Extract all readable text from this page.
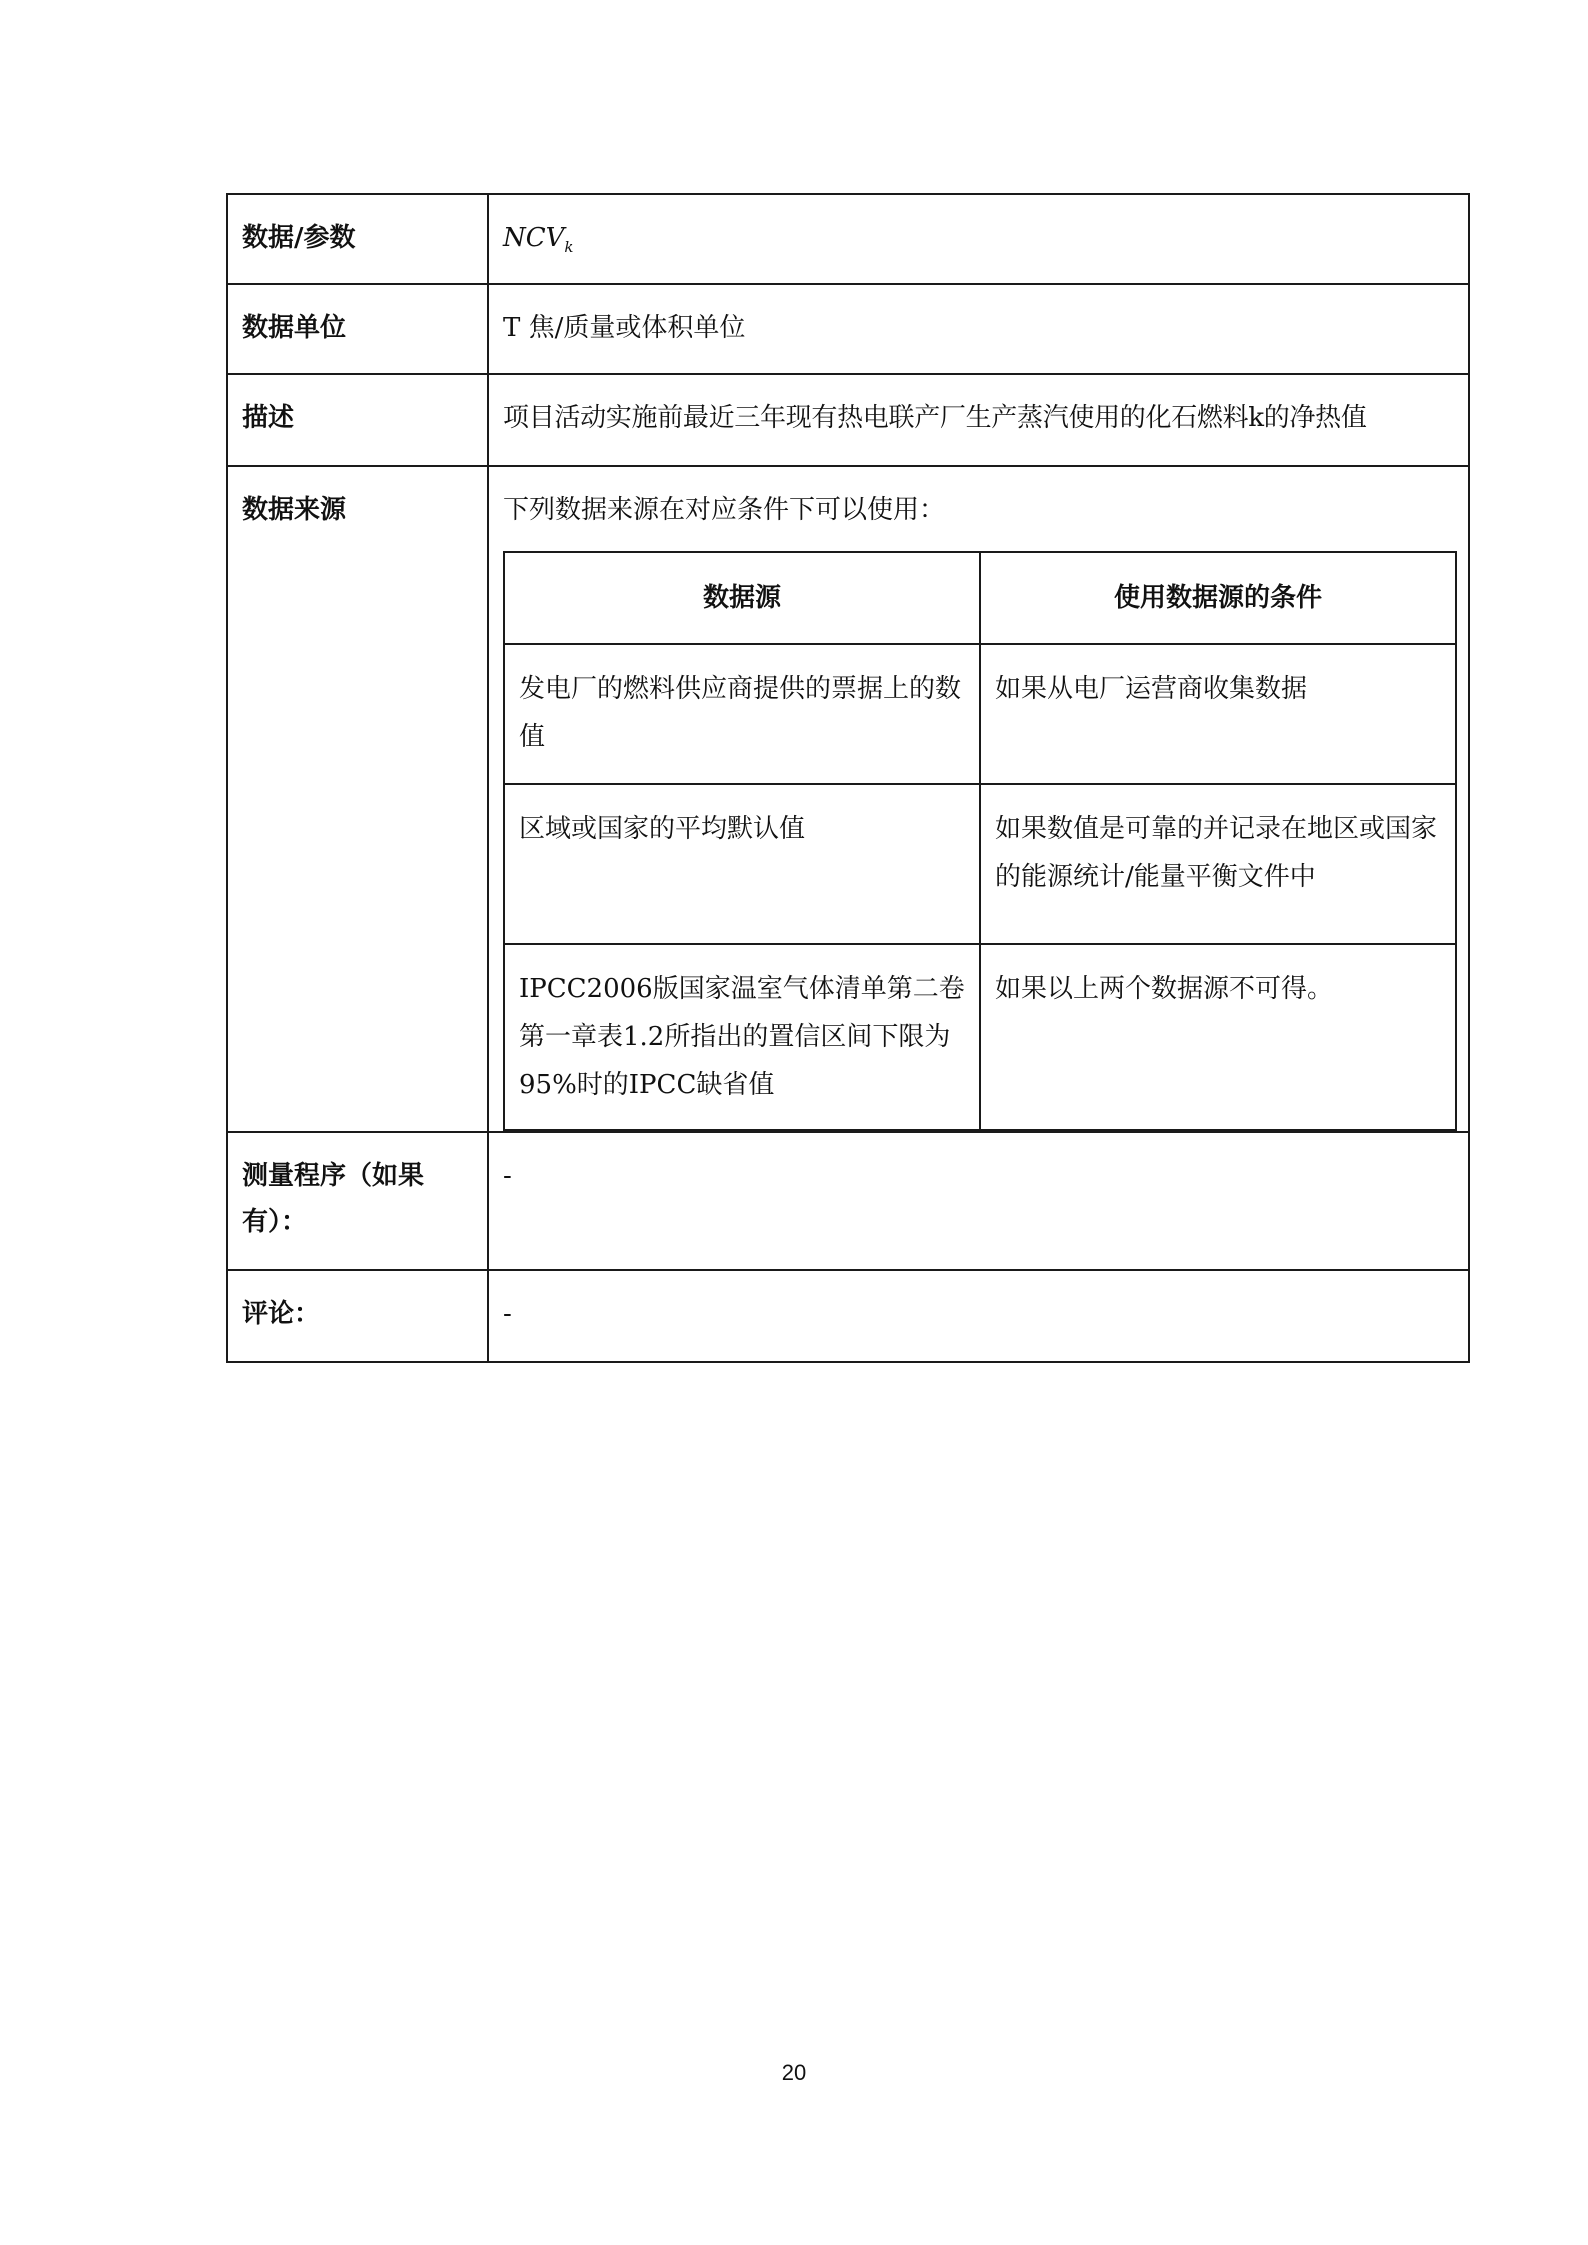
数据/参数	$NCV_k$
数据单位	T 焦/质量或体积单位
描述	项目活动实施前最近三年现有热电联产厂生产蒸汽使用的化石燃料k的净热值
数据来源	下列数据来源在对应条件下可以使用：
数据源	使用数据源的条件
发电厂的燃料供应商提供的票据上的数值	如果从电厂运营商收集数据
区域或国家的平均默认值	如果数值是可靠的并记录在地区或国家的能源统计/能量平衡文件中
IPCC2006版国家温室气体清单第二卷第一章表1.2所指出的置信区间下限为95%时的IPCC缺省值	如果以上两个数据源不可得。

测量程序（如果有）：	-
评论：	-
20
